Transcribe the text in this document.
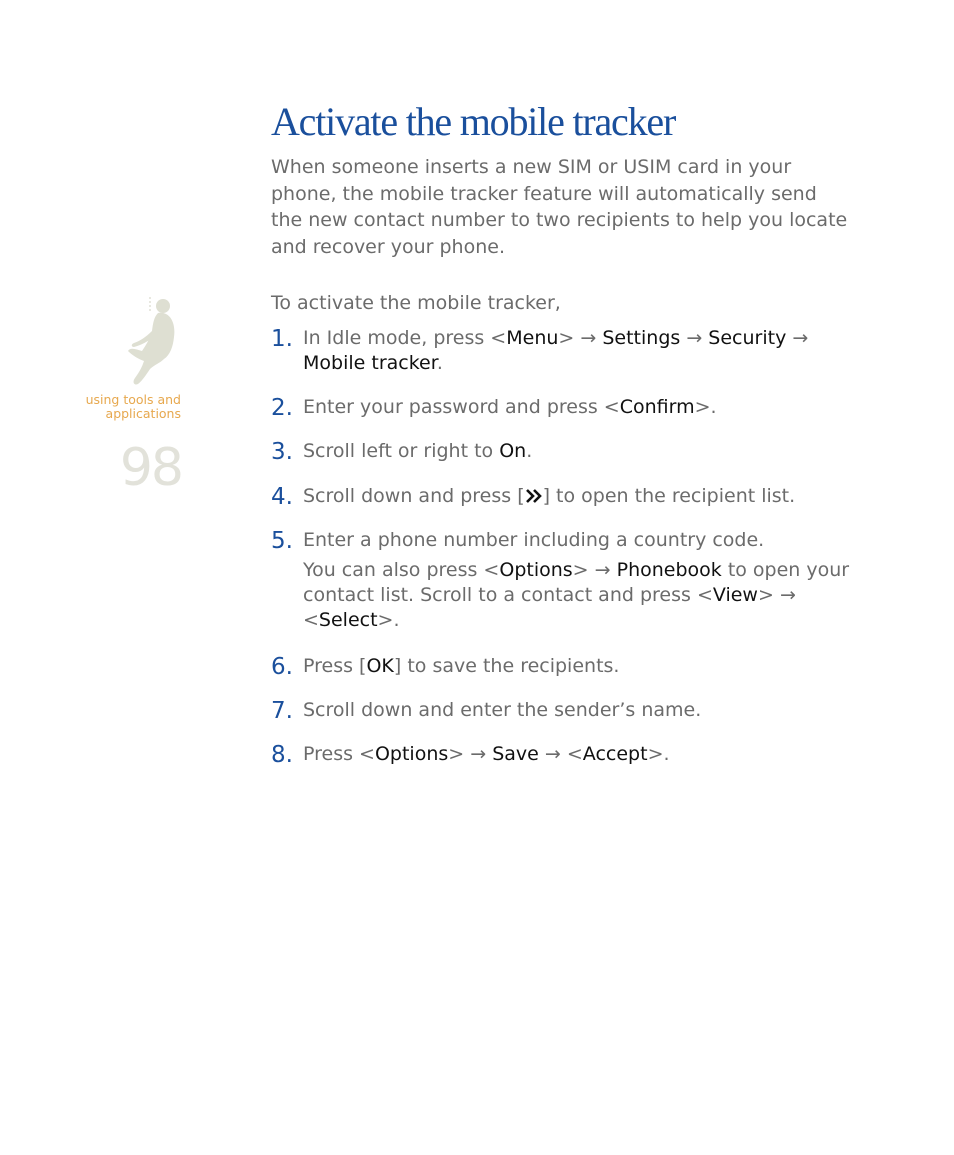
Activate the mobile tracker

When someone inserts a new SIM or USIM card in your phone, the mobile tracker feature will automatically send the new contact number to two recipients to help you locate and recover your phone.

To activate the mobile tracker,

using tools and applications
98
1. In Idle mode, press <Menu> → Settings → Security → Mobile tracker.
2. Enter your password and press <Confirm>.
3. Scroll left or right to On.
4. Scroll down and press [ ] to open the recipient list.
5. Enter a phone number including a country code.
You can also press <Options> → Phonebook to open your contact list. Scroll to a contact and press <View> → <Select>.
6. Press [OK] to save the recipients.
7. Scroll down and enter the sender’s name.
8. Press <Options> → Save → <Accept>.
